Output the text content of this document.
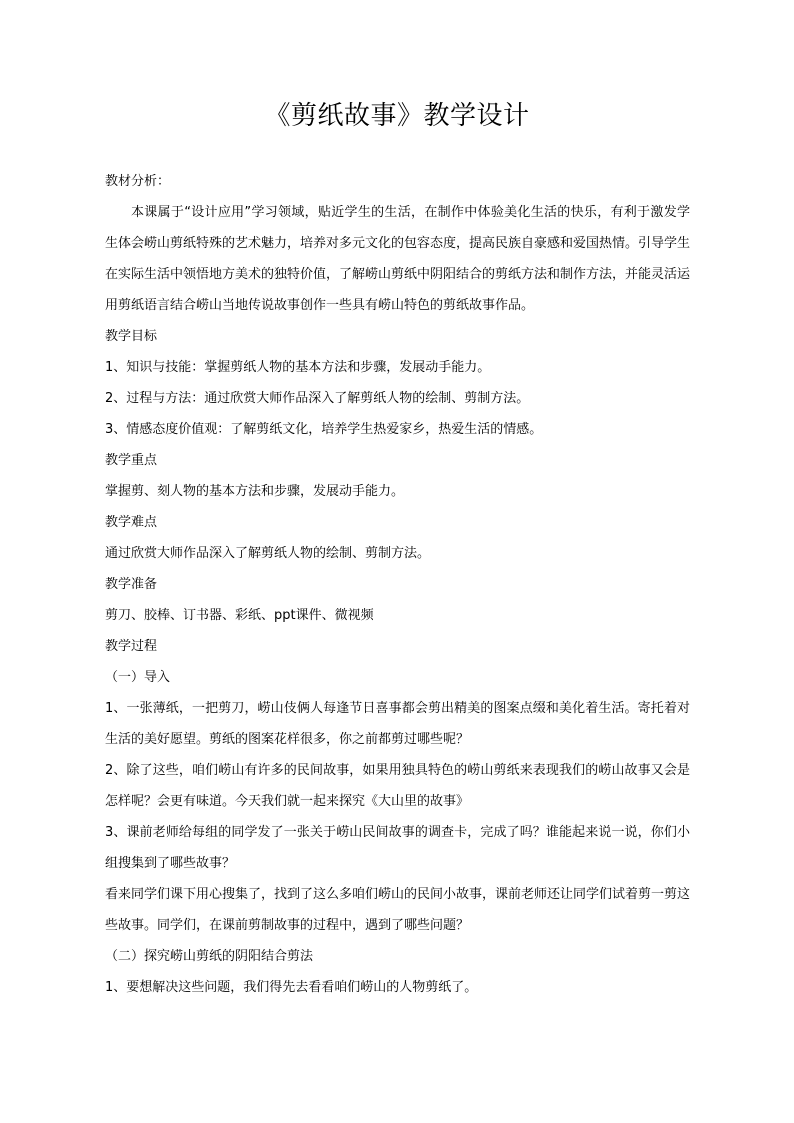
《剪纸故事》教学设计

教材分析：

本课属于“设计应用”学习领域，贴近学生的生活，在制作中体验美化生活的快乐，有利于激发学生体会崂山剪纸特殊的艺术魅力，培养对多元文化的包容态度，提高民族自豪感和爱国热情。引导学生在实际生活中领悟地方美术的独特价值，了解崂山剪纸中阴阳结合的剪纸方法和制作方法，并能灵活运用剪纸语言结合崂山当地传说故事创作一些具有崂山特色的剪纸故事作品。

教学目标

1、知识与技能：掌握剪纸人物的基本方法和步骤，发展动手能力。

2、过程与方法：通过欣赏大师作品深入了解剪纸人物的绘制、剪制方法。

3、情感态度价值观：了解剪纸文化，培养学生热爱家乡，热爱生活的情感。

教学重点

掌握剪、刻人物的基本方法和步骤，发展动手能力。

教学难点

通过欣赏大师作品深入了解剪纸人物的绘制、剪制方法。

教学准备

剪刀、胶棒、订书器、彩纸、ppt课件、微视频

教学过程

（一）导入

1、一张薄纸，一把剪刀，崂山伎俩人每逢节日喜事都会剪出精美的图案点缀和美化着生活。寄托着对生活的美好愿望。剪纸的图案花样很多，你之前都剪过哪些呢？

2、除了这些，咱们崂山有许多的民间故事，如果用独具特色的崂山剪纸来表现我们的崂山故事又会是怎样呢？会更有味道。今天我们就一起来探究《大山里的故事》

3、课前老师给每组的同学发了一张关于崂山民间故事的调查卡，完成了吗？谁能起来说一说，你们小组搜集到了哪些故事？

看来同学们课下用心搜集了，找到了这么多咱们崂山的民间小故事，课前老师还让同学们试着剪一剪这些故事。同学们，在课前剪制故事的过程中，遇到了哪些问题？

（二）探究崂山剪纸的阴阳结合剪法

1、要想解决这些问题，我们得先去看看咱们崂山的人物剪纸了。
